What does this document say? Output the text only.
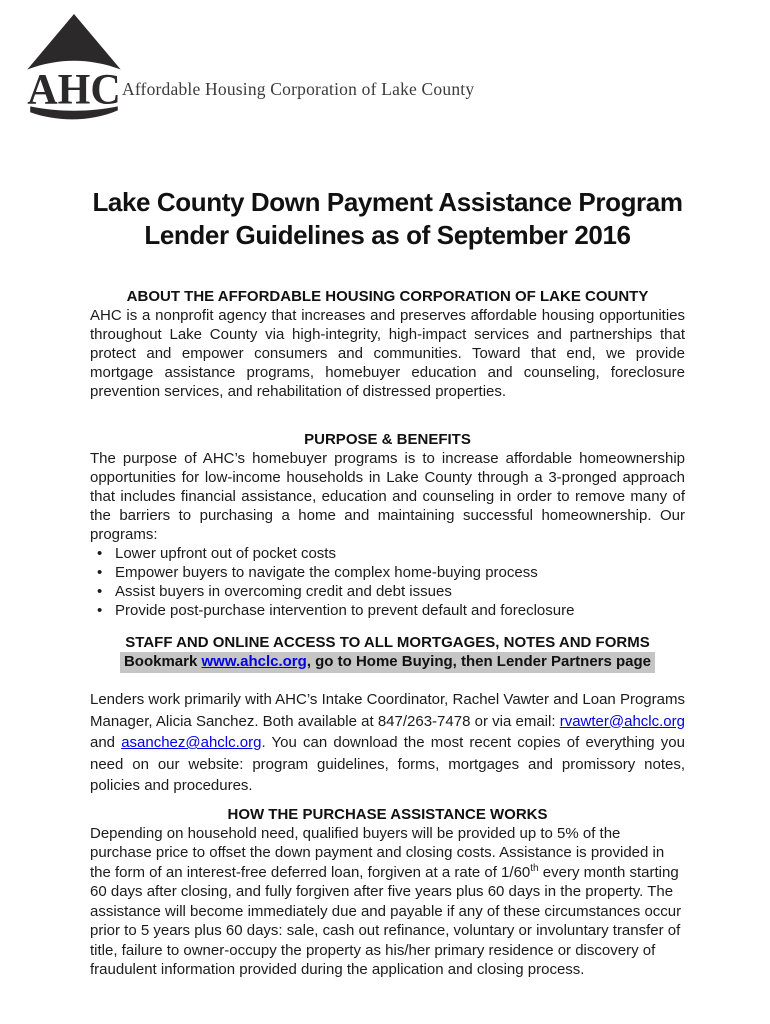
AHC Affordable Housing Corporation of Lake County
Lake County Down Payment Assistance Program
Lender Guidelines as of September 2016
ABOUT THE AFFORDABLE HOUSING CORPORATION OF LAKE COUNTY

AHC is a nonprofit agency that increases and preserves affordable housing opportunities throughout Lake County via high-integrity, high-impact services and partnerships that protect and empower consumers and communities. Toward that end, we provide mortgage assistance programs, homebuyer education and counseling, foreclosure prevention services, and rehabilitation of distressed properties.

PURPOSE & BENEFITS

The purpose of AHC’s homebuyer programs is to increase affordable homeownership opportunities for low-income households in Lake County through a 3-pronged approach that includes financial assistance, education and counseling in order to remove many of the barriers to purchasing a home and maintaining successful homeownership. Our programs:

• Lower upfront out of pocket costs
• Empower buyers to navigate the complex home-buying process
• Assist buyers in overcoming credit and debt issues
• Provide post-purchase intervention to prevent default and foreclosure
STAFF AND ONLINE ACCESS TO ALL MORTGAGES, NOTES AND FORMS
Bookmark www.ahclc.org, go to Home Buying, then Lender Partners page

Lenders work primarily with AHC’s Intake Coordinator, Rachel Vawter and Loan Programs Manager, Alicia Sanchez. Both available at 847/263-7478 or via email: rvawter@ahclc.org and asanchez@ahclc.org. You can download the most recent copies of everything you need on our website: program guidelines, forms, mortgages and promissory notes, policies and procedures.

HOW THE PURCHASE ASSISTANCE WORKS

Depending on household need, qualified buyers will be provided up to 5% of the purchase price to offset the down payment and closing costs. Assistance is provided in the form of an interest-free deferred loan, forgiven at a rate of 1/60th every month starting 60 days after closing, and fully forgiven after five years plus 60 days in the property. The assistance will become immediately due and payable if any of these circumstances occur prior to 5 years plus 60 days: sale, cash out refinance, voluntary or involuntary transfer of title, failure to owner-occupy the property as his/her primary residence or discovery of fraudulent information provided during the application and closing process.
